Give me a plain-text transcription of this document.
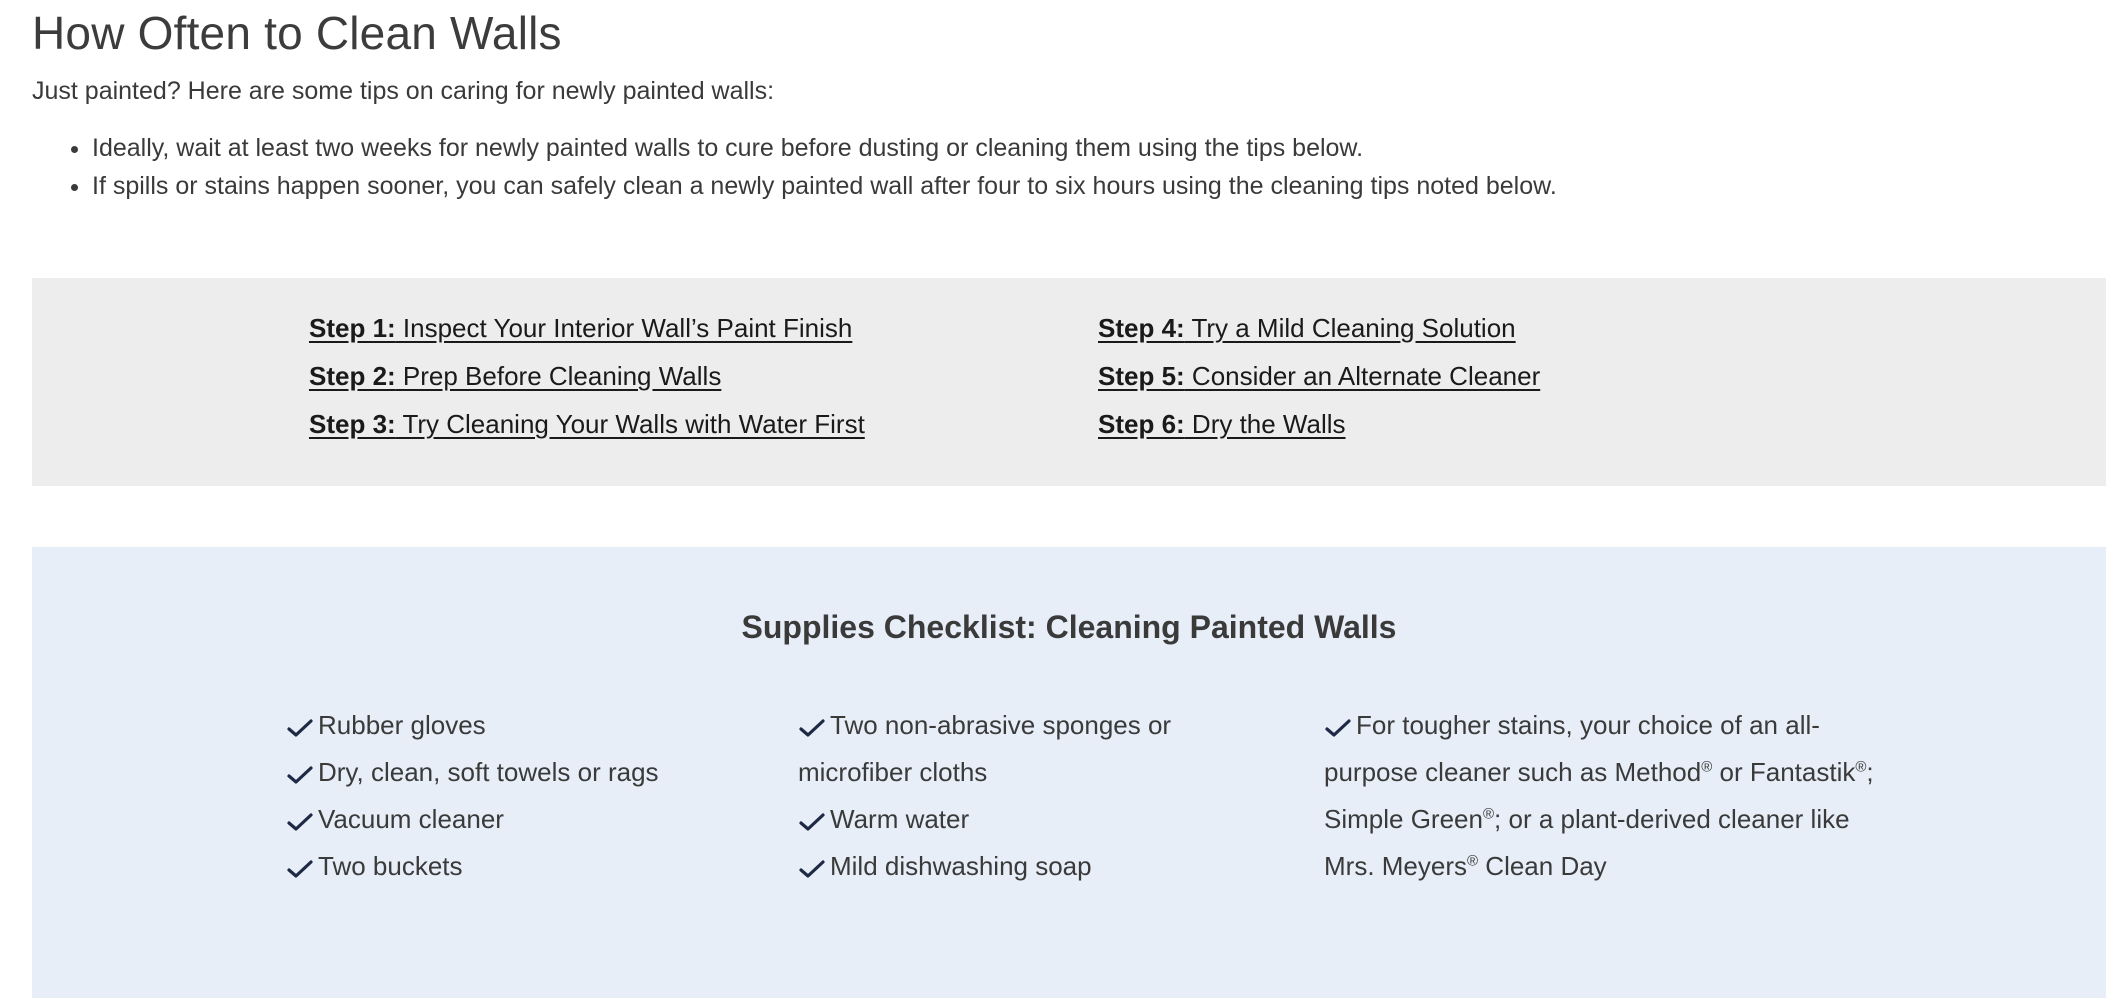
How Often to Clean Walls
Just painted? Here are some tips on caring for newly painted walls:
• Ideally, wait at least two weeks for newly painted walls to cure before dusting or cleaning them using the tips below.
• If spills or stains happen sooner, you can safely clean a newly painted wall after four to six hours using the cleaning tips noted below.
Step 1: Inspect Your Interior Wall’s Paint Finish
Step 2: Prep Before Cleaning Walls
Step 3: Try Cleaning Your Walls with Water First
Step 4: Try a Mild Cleaning Solution
Step 5: Consider an Alternate Cleaner
Step 6: Dry the Walls
Supplies Checklist: Cleaning Painted Walls
Rubber gloves
Dry, clean, soft towels or rags
Vacuum cleaner
Two buckets
Two non-abrasive sponges or microfiber cloths
Warm water
Mild dishwashing soap
For tougher stains, your choice of an all-purpose cleaner such as Method® or Fantastik®; Simple Green®; or a plant-derived cleaner like Mrs. Meyers® Clean Day
